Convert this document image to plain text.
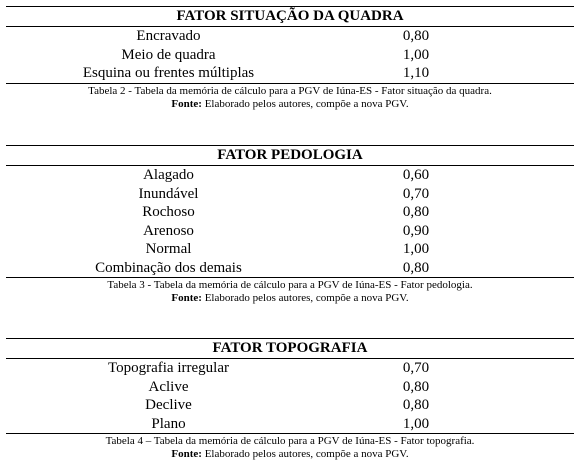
FATOR SITUAÇÃO DA QUADRA
Encravado	0,80
Meio de quadra	1,00
Esquina ou frentes múltiplas	1,10
Tabela 2 - Tabela da memória de cálculo para a PGV de Iúna-ES - Fator situação da quadra.
Fonte: Elaborado pelos autores, compõe a nova PGV.
FATOR PEDOLOGIA
Alagado	0,60
Inundável	0,70
Rochoso	0,80
Arenoso	0,90
Normal	1,00
Combinação dos demais	0,80
Tabela 3 - Tabela da memória de cálculo para a PGV de Iúna-ES - Fator pedologia.
Fonte: Elaborado pelos autores, compõe a nova PGV.
FATOR TOPOGRAFIA
Topografia irregular	0,70
Aclive	0,80
Declive	0,80
Plano	1,00
Tabela 4 – Tabela da memória de cálculo para a PGV de Iúna-ES - Fator topografia.
Fonte: Elaborado pelos autores, compõe a nova PGV.
